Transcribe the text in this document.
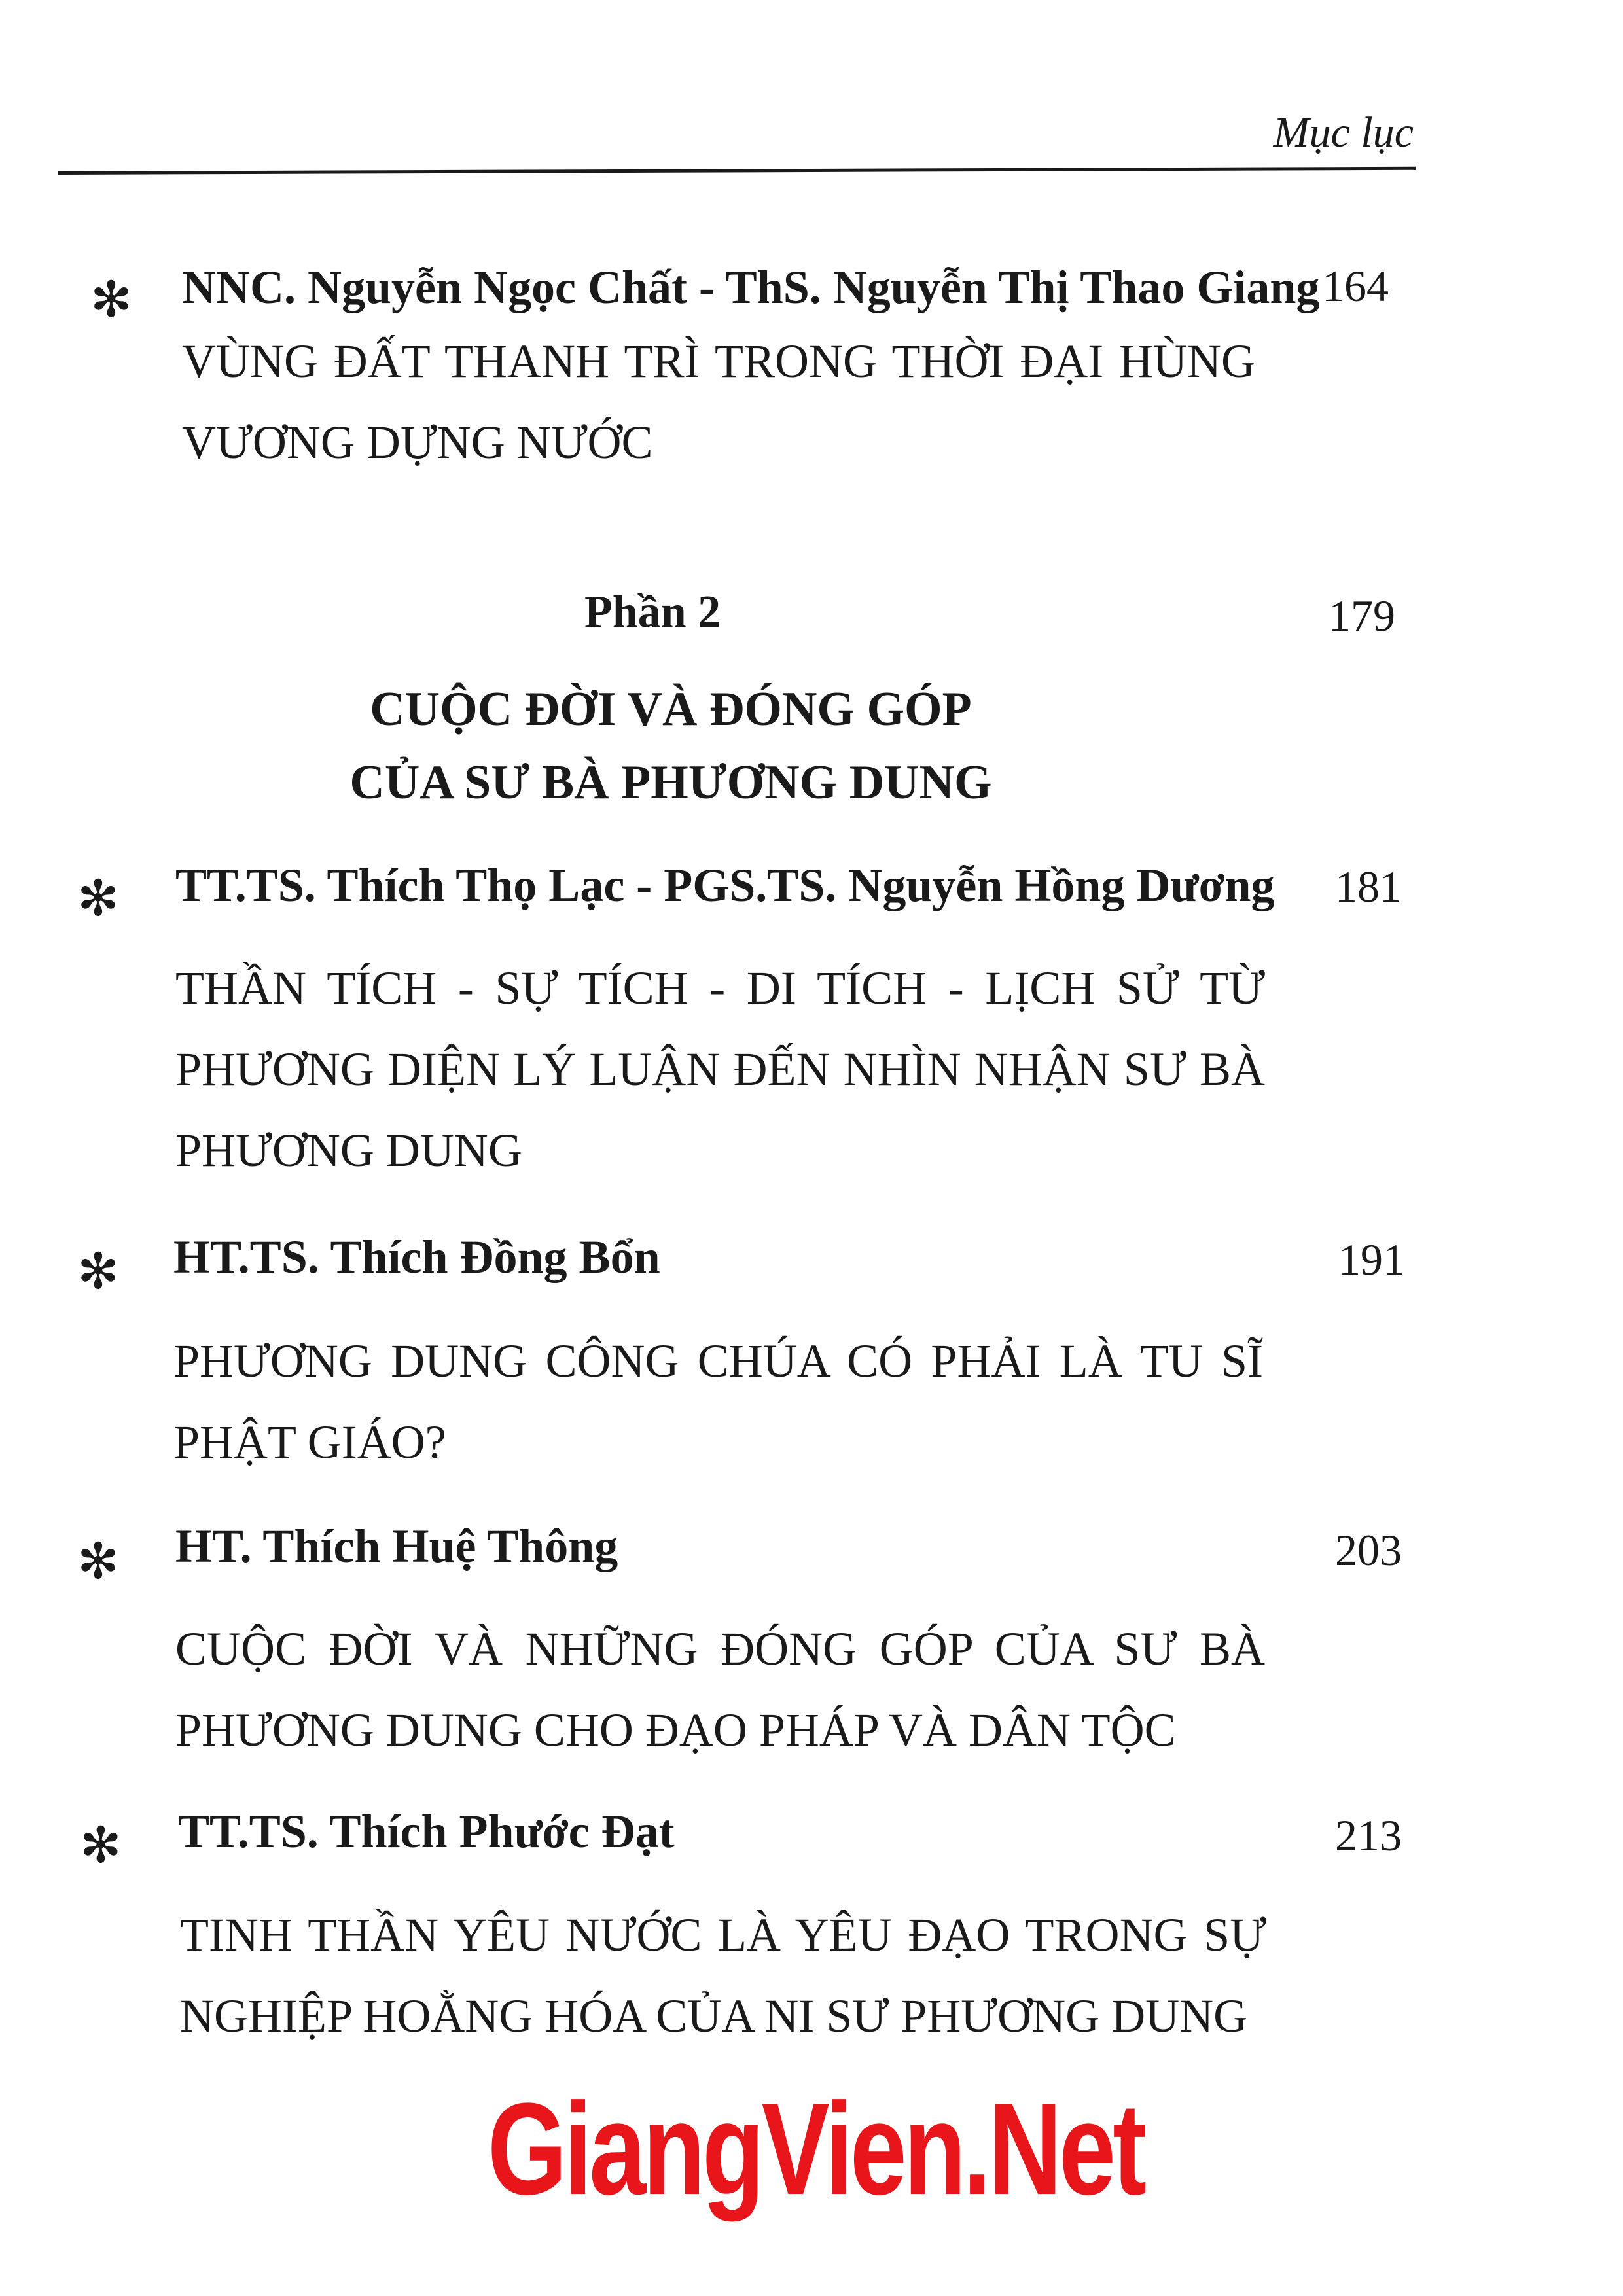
Mục lục
✻ NNC. Nguyễn Ngọc Chất - ThS. Nguyễn Thị Thao Giang 164
VÙNG ĐẤT THANH TRÌ TRONG THỜI ĐẠI HÙNG VƯƠNG DỰNG NƯỚC
Phần 2	179
CUỘC ĐỜI VÀ ĐÓNG GÓP
CỦA SƯ BÀ PHƯƠNG DUNG
✻ TT.TS. Thích Thọ Lạc - PGS.TS. Nguyễn Hồng Dương 181
THẦN TÍCH - SỰ TÍCH - DI TÍCH - LỊCH SỬ TỪ PHƯƠNG DIỆN LÝ LUẬN ĐẾN NHÌN NHẬN SƯ BÀ PHƯƠNG DUNG
✻ HT.TS. Thích Đồng Bổn	191
PHƯƠNG DUNG CÔNG CHÚA CÓ PHẢI LÀ TU SĨ PHẬT GIÁO?
✻ HT. Thích Huệ Thông	203
CUỘC ĐỜI VÀ NHỮNG ĐÓNG GÓP CỦA SƯ BÀ PHƯƠNG DUNG CHO ĐẠO PHÁP VÀ DÂN TỘC
✻ TT.TS. Thích Phước Đạt	213
TINH THẦN YÊU NƯỚC LÀ YÊU ĐẠO TRONG SỰ NGHIỆP HOẰNG HÓA CỦA NI SƯ PHƯƠNG DUNG
GiangVien.Net
